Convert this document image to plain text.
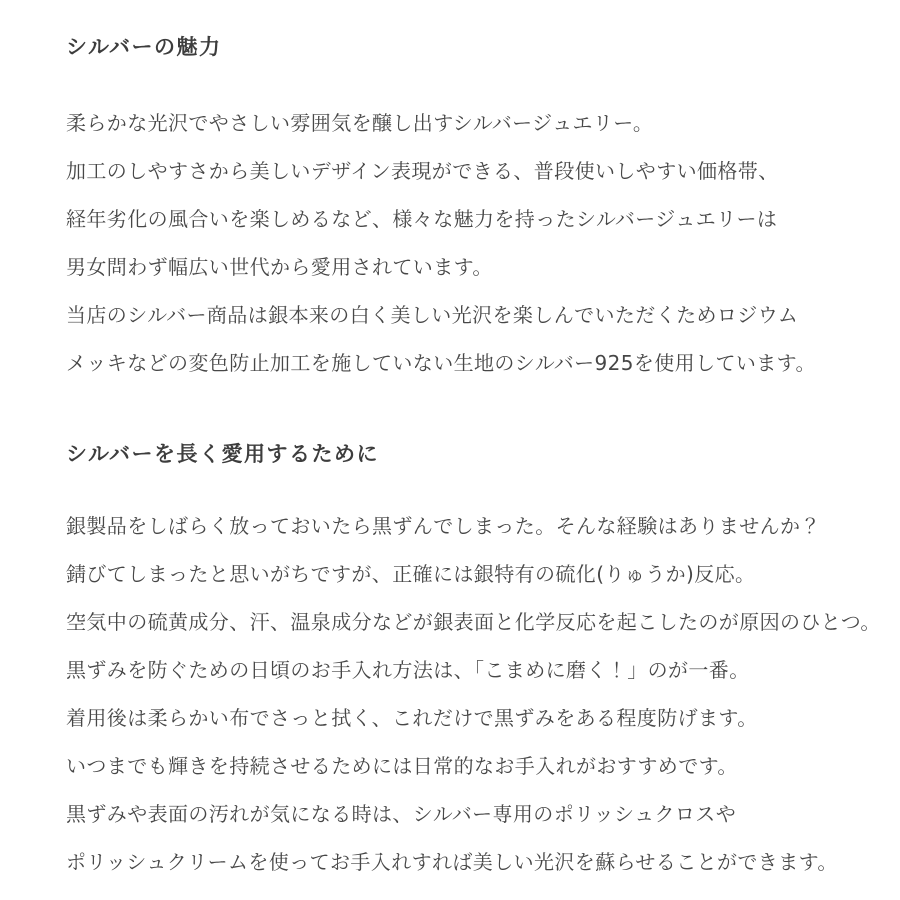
シルバーの魅力
柔らかな光沢でやさしい雰囲気を醸し出すシルバージュエリー。
加工のしやすさから美しいデザイン表現ができる、普段使いしやすい価格帯、
経年劣化の風合いを楽しめるなど、様々な魅力を持ったシルバージュエリーは
男女問わず幅広い世代から愛用されています。
当店のシルバー商品は銀本来の白く美しい光沢を楽しんでいただくためロジウム
メッキなどの変色防止加工を施していない生地のシルバー925を使用しています。
シルバーを長く愛用するために
銀製品をしばらく放っておいたら黒ずんでしまった。そんな経験はありませんか？
錆びてしまったと思いがちですが、正確には銀特有の硫化(りゅうか)反応。
空気中の硫黄成分、汗、温泉成分などが銀表面と化学反応を起こしたのが原因のひとつ。
黒ずみを防ぐための日頃のお手入れ方法は、「こまめに磨く！」のが一番。
着用後は柔らかい布でさっと拭く、これだけで黒ずみをある程度防げます。
いつまでも輝きを持続させるためには日常的なお手入れがおすすめです。
黒ずみや表面の汚れが気になる時は、シルバー専用のポリッシュクロスや
ポリッシュクリームを使ってお手入れすれば美しい光沢を蘇らせることができます。
